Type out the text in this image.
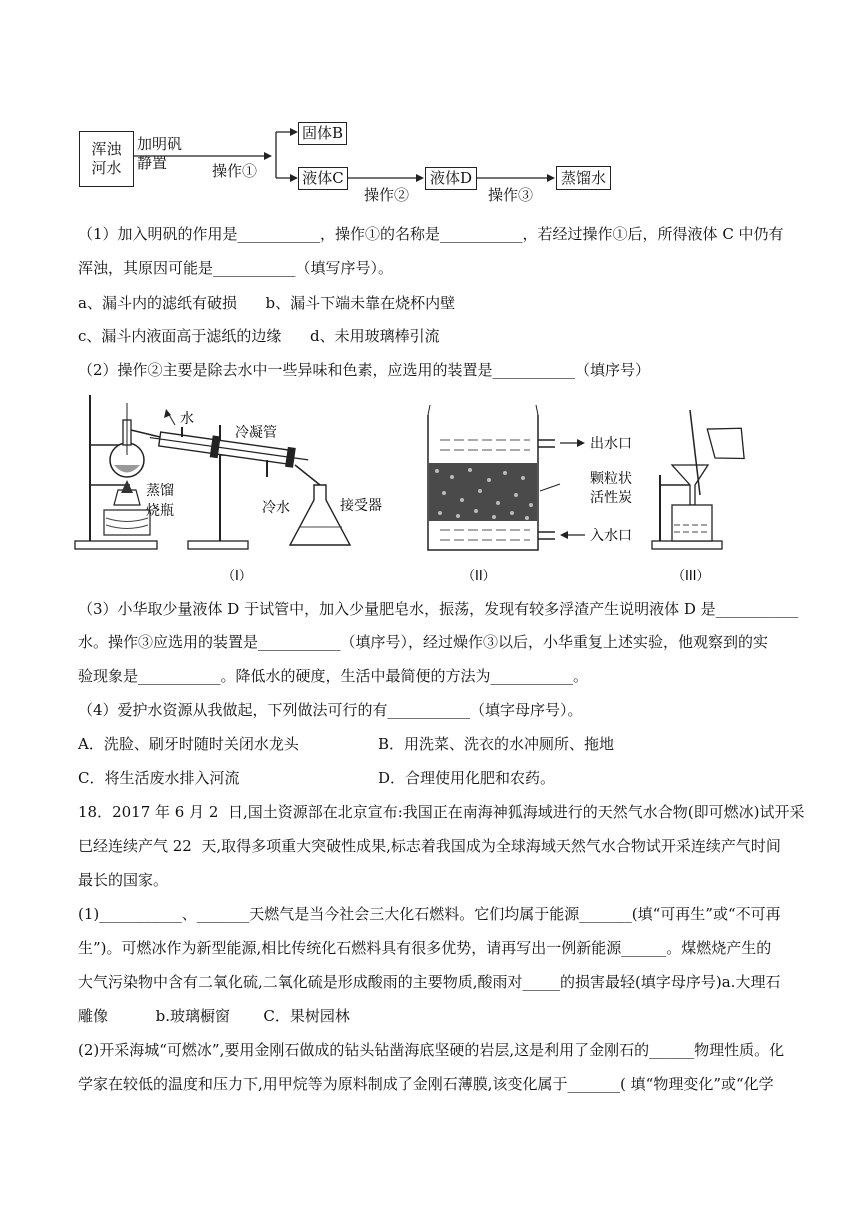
浑浊
河水
加明矾
静置	操作①
固体B
液体C
操作②
液体D
操作③
蒸馏水
（1）加入明矾的作用是___________，操作①的名称是___________，若经过操作①后，所得液体 C 中仍有
浑浊，其原因可能是___________（填写序号）。
a、漏斗内的滤纸有破损      b、漏斗下端未靠在烧杯内壁
c、漏斗内液面高于滤纸的边缘      d、未用玻璃棒引流
（2）操作②主要是除去水中一些异味和色素，应选用的装置是___________（填序号）
水
冷凝管
蒸馏
烧瓶	冷水	接受器
（I）
出水口
颗粒状
活性炭
入水口
（II）	（III）
（3）小华取少量液体 D 于试管中，加入少量肥皂水，振荡，发现有较多浮渣产生说明液体 D 是___________
水。操作③应选用的装置是___________（填序号），经过燥作③以后，小华重复上述实验，他观察到的实
验现象是___________。降低水的硬度，生活中最简便的方法为___________。
（4）爱护水资源从我做起，下列做法可行的有___________（填字母序号）。
A．洗脸、刷牙时随时关闭水龙头	B．用洗菜、洗衣的水冲厕所、拖地
C．将生活废水排入河流	D．合理使用化肥和农药。
18．2017 年 6 月 2  日,国土资源部在北京宣布:我国正在南海神狐海域进行的天然气水合物(即可燃冰)试开采
巳经连续产气 22  天,取得多项重大突破性成果,标志着我国成为全球海域天然气水合物试开采连续产气时间
最长的国家。
(1)___________、_______天燃气是当今社会三大化石燃料。它们均属于能源_______(填“可再生”或“不可再
生”)。可燃冰作为新型能源,相比传统化石燃料具有很多优势，请再写出一例新能源______。煤燃烧产生的
大气污染物中含有二氧化硫,二氧化硫是形成酸雨的主要物质,酸雨对_____的损害最轻(填字母序号)a.大理石
雕像          b.玻璃橱窗       C．果树园林
(2)开采海城“可燃冰”,要用金刚石做成的钻头钻凿海底坚硬的岩层,这是利用了金刚石的______物理性质。化
学家在较低的温度和压力下,用甲烷等为原料制成了金刚石薄膜,该变化属于_______( 填“物理变化”或“化学
